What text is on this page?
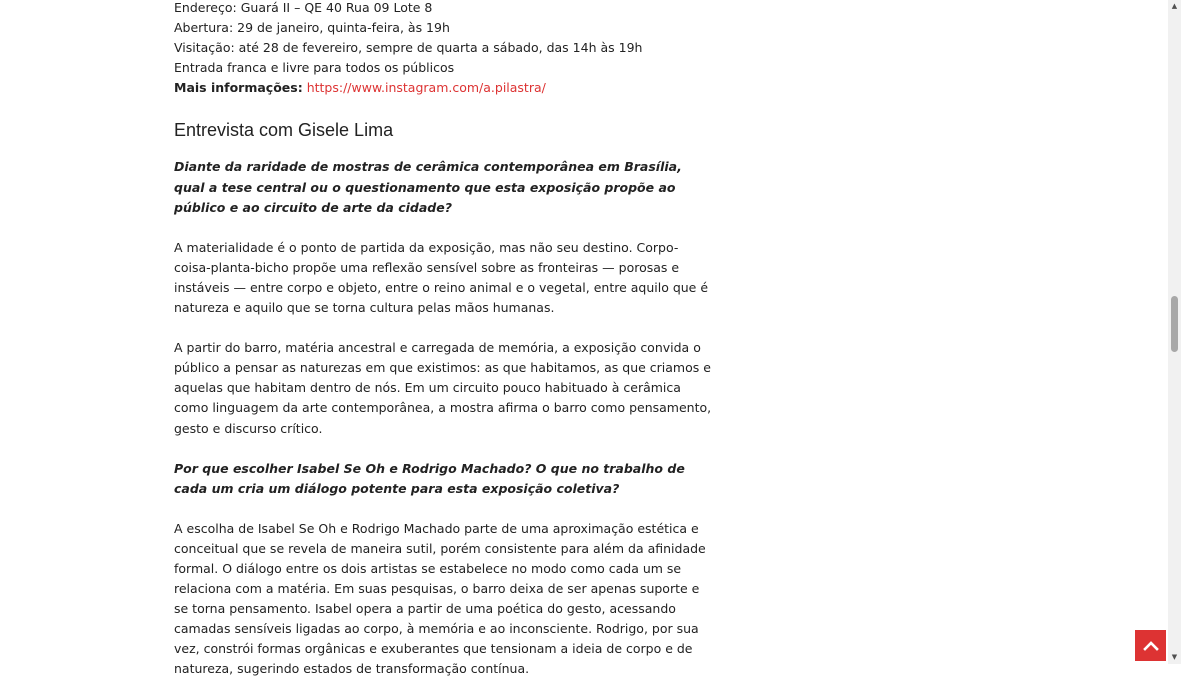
Endereço: Guará II – QE 40 Rua 09 Lote 8

Abertura: 29 de janeiro, quinta-feira, às 19h

Visitação: até 28 de fevereiro, sempre de quarta a sábado, das 14h às 19h

Entrada franca e livre para todos os públicos

Mais informações: https://www.instagram.com/a.pilastra/

Entrevista com Gisele Lima

Diante da raridade de mostras de cerâmica contemporânea em Brasília, qual a tese central ou o questionamento que esta exposição propõe ao público e ao circuito de arte da cidade?

A materialidade é o ponto de partida da exposição, mas não seu destino. Corpo-coisa-planta-bicho propõe uma reflexão sensível sobre as fronteiras — porosas e instáveis — entre corpo e objeto, entre o reino animal e o vegetal, entre aquilo que é natureza e aquilo que se torna cultura pelas mãos humanas.

A partir do barro, matéria ancestral e carregada de memória, a exposição convida o público a pensar as naturezas em que existimos: as que habitamos, as que criamos e aquelas que habitam dentro de nós. Em um circuito pouco habituado à cerâmica como linguagem da arte contemporânea, a mostra afirma o barro como pensamento, gesto e discurso crítico.

Por que escolher Isabel Se Oh e Rodrigo Machado? O que no trabalho de cada um cria um diálogo potente para esta exposição coletiva?

A escolha de Isabel Se Oh e Rodrigo Machado parte de uma aproximação estética e conceitual que se revela de maneira sutil, porém consistente para além da afinidade formal. O diálogo entre os dois artistas se estabelece no modo como cada um se relaciona com a matéria. Em suas pesquisas, o barro deixa de ser apenas suporte e se torna pensamento. Isabel opera a partir de uma poética do gesto, acessando camadas sensíveis ligadas ao corpo, à memória e ao inconsciente. Rodrigo, por sua vez, constrói formas orgânicas e exuberantes que tensionam a ideia de corpo e de natureza, sugerindo estados de transformação contínua.

▲
▼
